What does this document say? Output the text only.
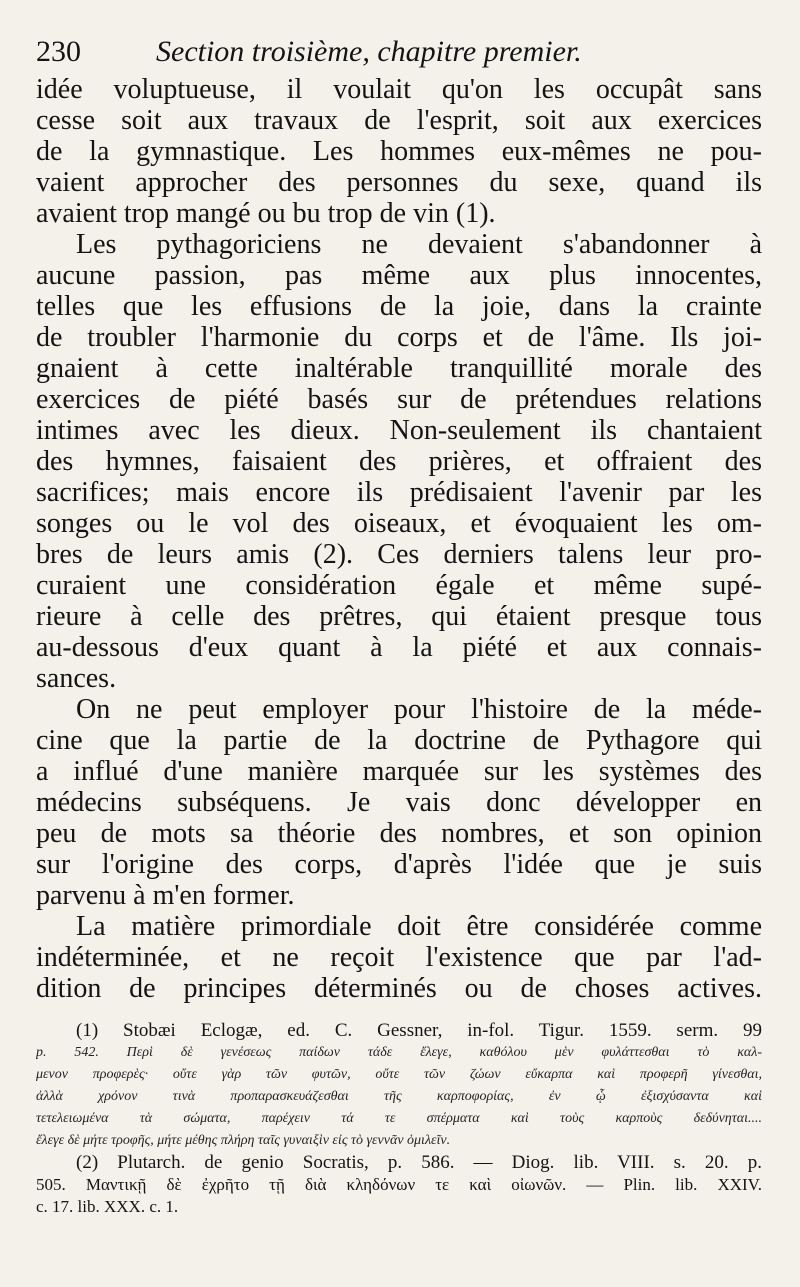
230	Section troisième, chapitre premier.
idée voluptueuse, il voulait qu'on les occupât sans
cesse soit aux travaux de l'esprit, soit aux exercices
de la gymnastique. Les hommes eux-mêmes ne pou-
vaient approcher des personnes du sexe, quand ils
avaient trop mangé ou bu trop de vin (1).
Les pythagoriciens ne devaient s'abandonner à
aucune passion, pas même aux plus innocentes,
telles que les effusions de la joie, dans la crainte
de troubler l'harmonie du corps et de l'âme. Ils joi-
gnaient à cette inaltérable tranquillité morale des
exercices de piété basés sur de prétendues relations
intimes avec les dieux. Non-seulement ils chantaient
des hymnes, faisaient des prières, et offraient des
sacrifices; mais encore ils prédisaient l'avenir par les
songes ou le vol des oiseaux, et évoquaient les om-
bres de leurs amis (2). Ces derniers talens leur pro-
curaient une considération égale et même supé-
rieure à celle des prêtres, qui étaient presque tous
au-dessous d'eux quant à la piété et aux connais-
sances.
On ne peut employer pour l'histoire de la méde-
cine que la partie de la doctrine de Pythagore qui
a influé d'une manière marquée sur les systèmes des
médecins subséquens. Je vais donc développer en
peu de mots sa théorie des nombres, et son opinion
sur l'origine des corps, d'après l'idée que je suis
parvenu à m'en former.
La matière primordiale doit être considérée comme
indéterminée, et ne reçoit l'existence que par l'ad-
dition de principes déterminés ou de choses actives.
(1) Stobæi Eclogæ, ed. C. Gessner, in-fol. Tigur. 1559. serm. 99
p. 542. Περὶ δὲ γενέσεως παίδων τάδε ἔλεγε, καθόλου μὲν φυλάττεσθαι τὸ καλ-
μενον προφερὲς· οὔτε γὰρ τῶν φυτῶν, οὔτε τῶν ζώων εὔκαρπα καὶ προφερῆ γίνεσθαι,
ἀλλὰ χρόνον τινὰ προπαρασκευάζεσθαι τῆς καρποφορίας, ἐν ᾧ ἐξισχύσαντα καὶ
τετελειωμένα τὰ σώματα, παρέχειν τά τε σπέρματα καὶ τοὺς καρποὺς δεδύνηται....
ἔλεγε δὲ μήτε τροφῆς, μήτε μέθης πλήρη ταῖς γυναιξὶν εἰς τὸ γεννᾶν ὁμιλεῖν.
(2) Plutarch. de genio Socratis, p. 586. — Diog. lib. VIII. s. 20. p.
505. Μαντικῇ δὲ ἐχρῆτο τῇ διὰ κληδόνων τε καὶ οἰωνῶν. — Plin. lib. XXIV.
c. 17. lib. XXX. c. 1.
